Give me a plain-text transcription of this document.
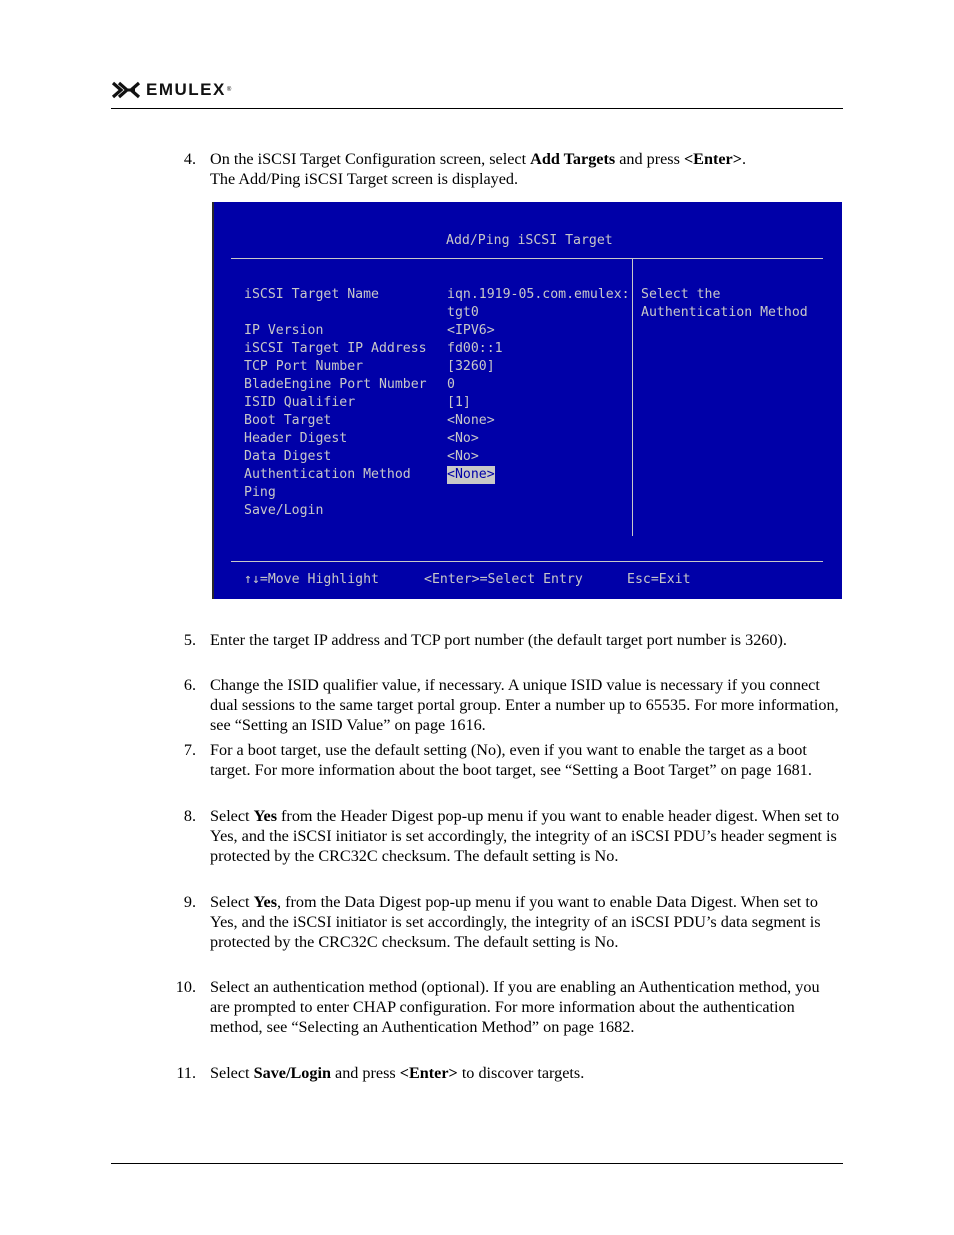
EMULEX ®
4. On the iSCSI Target Configuration screen, select Add Targets and press <Enter>.
The Add/Ping iSCSI Target screen is displayed.
Add/Ping iSCSI Target
iSCSI Target Name	iqn.1919-05.com.emulex:
tgt0
IP Version	<IPV6>
iSCSI Target IP Address fd00::1
TCP Port Number	[3260]
BladeEngine Port Number 0
ISID Qualifier	[1]
Boot Target	<None>
Header Digest	<No>
Data Digest	<No>
Authentication Method	<None>
Ping
Save/Login
Select the
Authentication Method
↑↓=Move Highlight	<Enter>=Select Entry	Esc=Exit
5. Enter the target IP address and TCP port number (the default target port number is 3260).
6. Change the ISID qualifier value, if necessary. A unique ISID value is necessary if you connect dual sessions to the same target portal group. Enter a number up to 65535. For more information, see “Setting an ISID Value” on page 1616.
7. For a boot target, use the default setting (No), even if you want to enable the target as a boot target. For more information about the boot target, see “Setting a Boot Target” on page 1681.
8. Select Yes from the Header Digest pop-up menu if you want to enable header digest. When set to Yes, and the iSCSI initiator is set accordingly, the integrity of an iSCSI PDU’s header segment is protected by the CRC32C checksum. The default setting is No.
9. Select Yes, from the Data Digest pop-up menu if you want to enable Data Digest. When set to Yes, and the iSCSI initiator is set accordingly, the integrity of an iSCSI PDU’s data segment is protected by the CRC32C checksum. The default setting is No.
10. Select an authentication method (optional). If you are enabling an Authentication method, you are prompted to enter CHAP configuration. For more information about the authentication method, see “Selecting an Authentication Method” on page 1682.
11. Select Save/Login and press <Enter> to discover targets.
